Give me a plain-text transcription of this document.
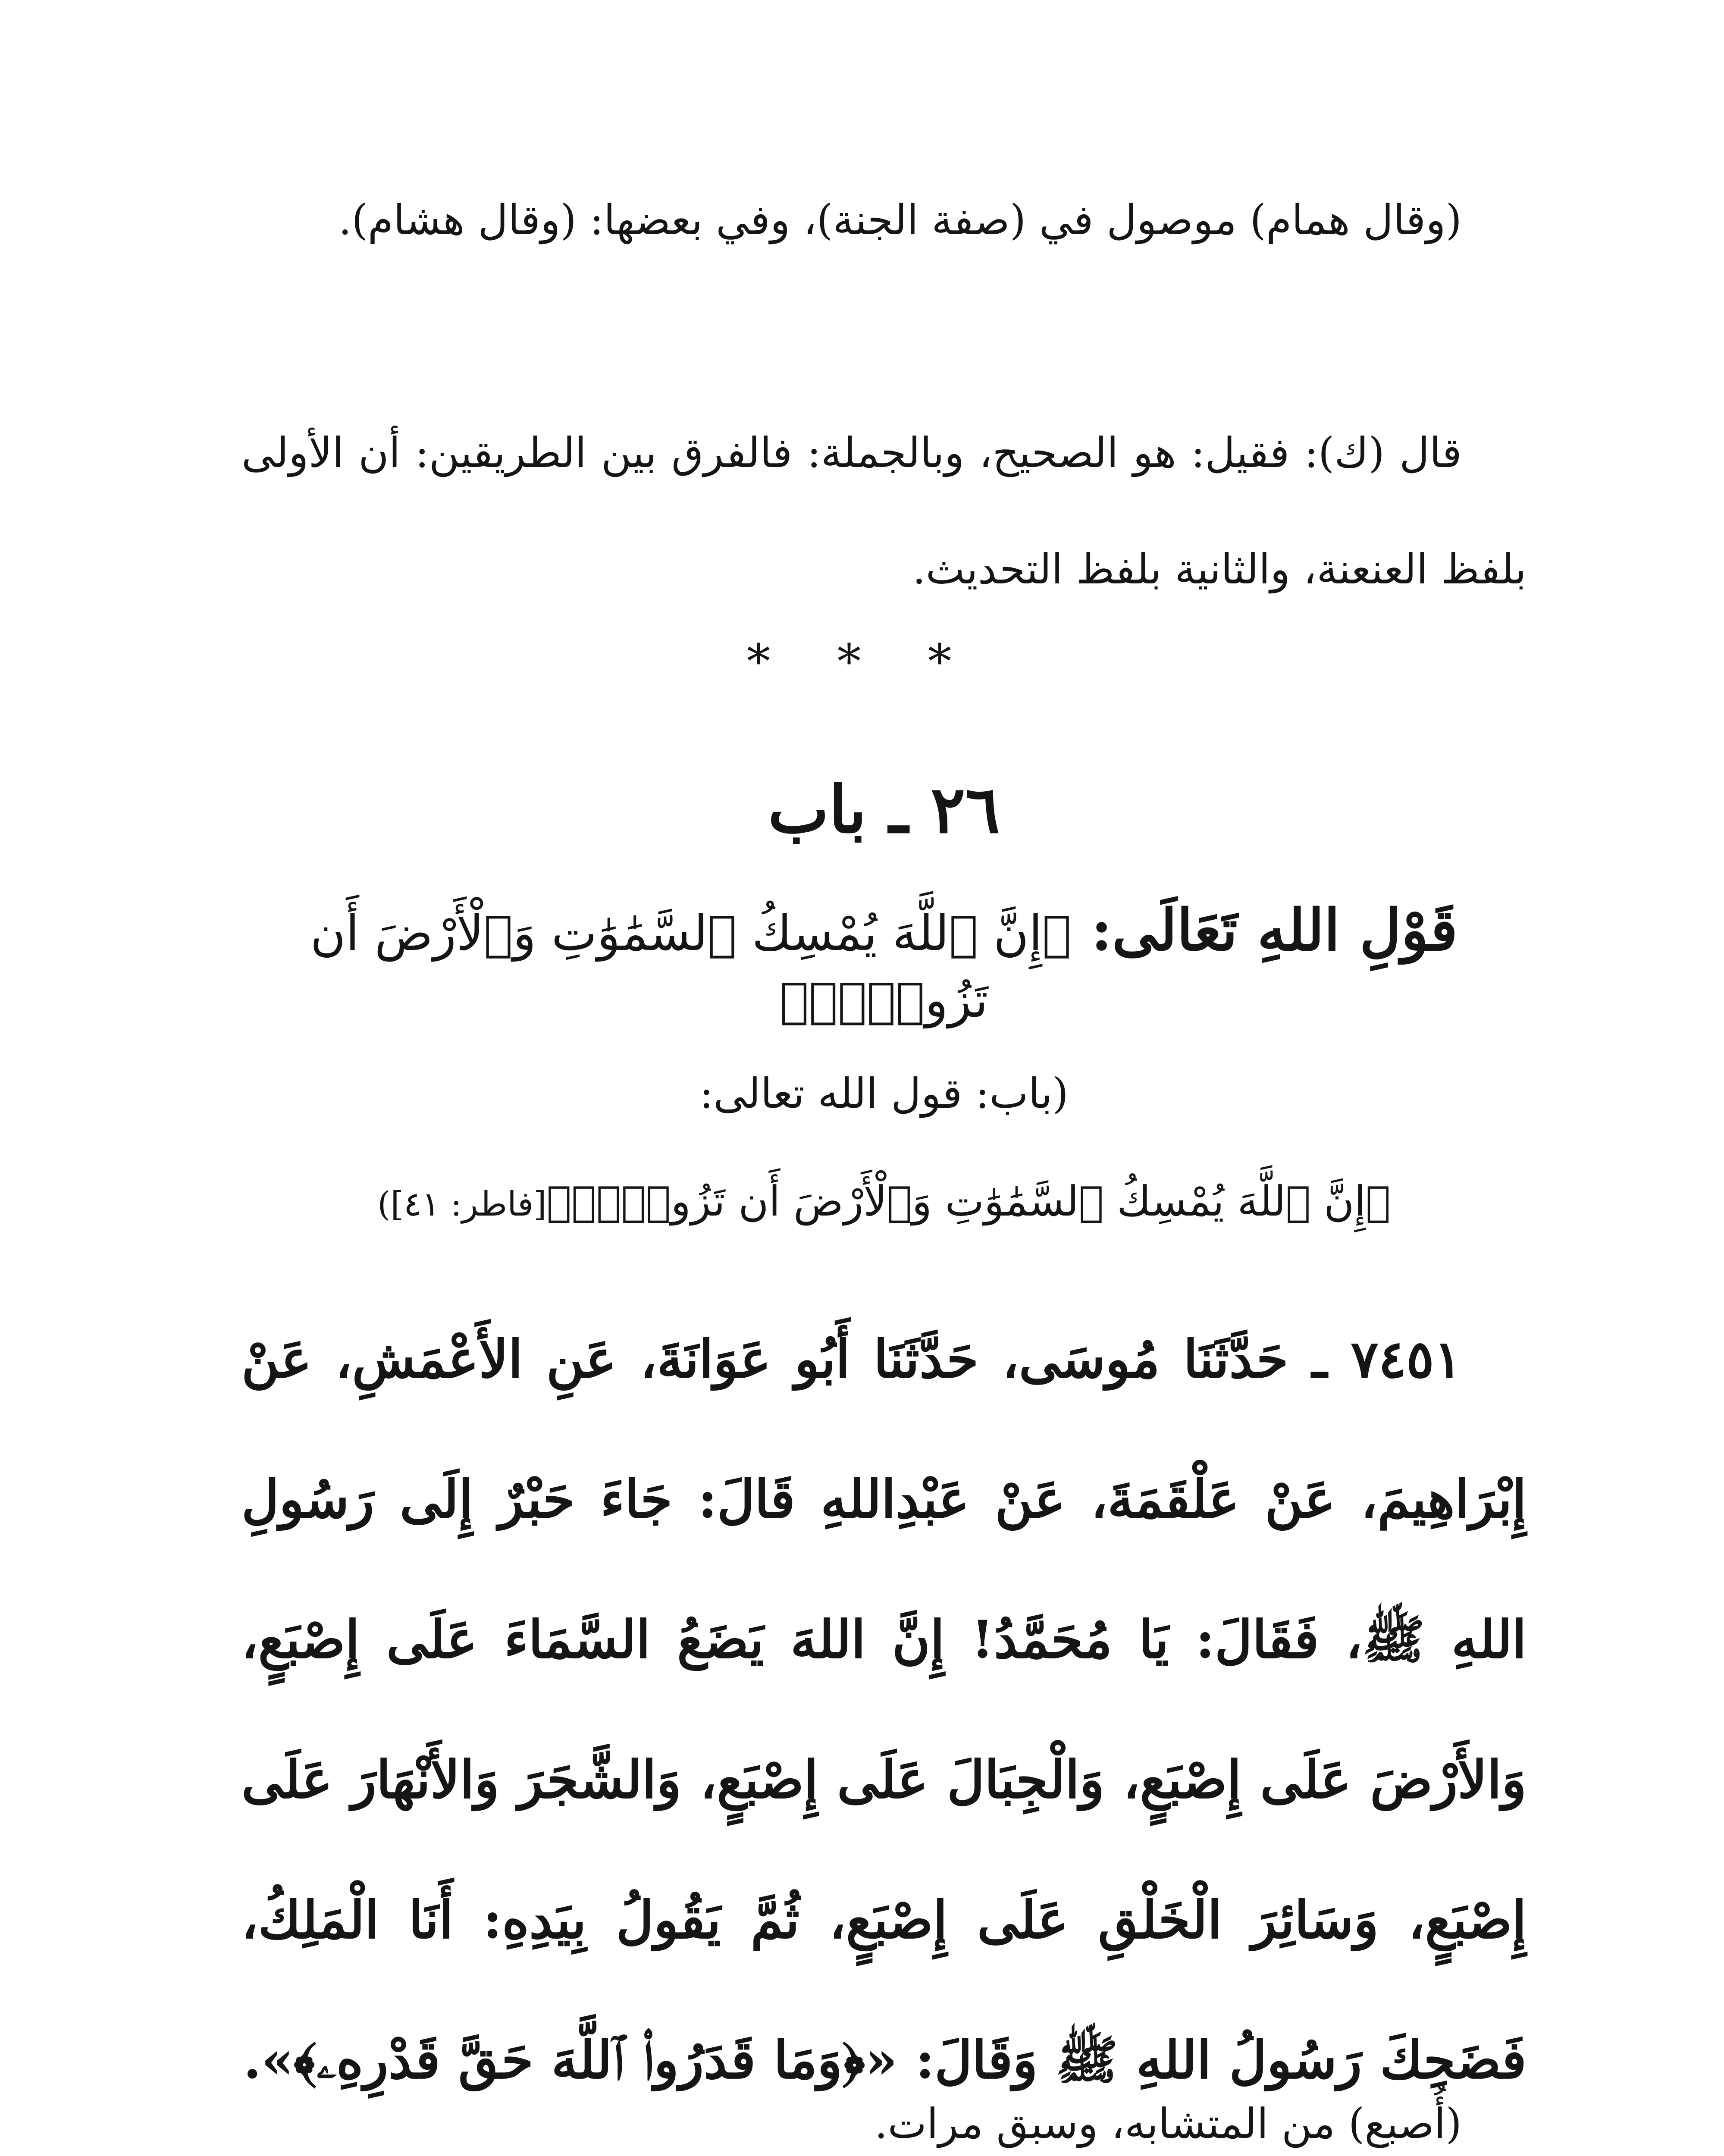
(وقال همام) موصول في (صفة الجنة)، وفي بعضها: (وقال هشام).
قال (ك): فقيل: هو الصحيح، وبالجملة: فالفرق بين الطريقين: أن الأولى بلفظ العنعنة، والثانية بلفظ التحديث.
* * *
٢٦ ـ باب
قَوْلِ اللهِ تَعَالَى: ﴿إِنَّ ٱللَّهَ يُمْسِكُ ٱلسَّمَٰوَٰتِ وَٱلْأَرْضَ أَن تَزُولَاۚ﴾
(باب: قول الله تعالى:
﴿إِنَّ ٱللَّهَ يُمْسِكُ ٱلسَّمَٰوَٰتِ وَٱلْأَرْضَ أَن تَزُولَاۚ﴾[فاطر: ٤١])
٧٤٥١ ـ حَدَّثَنَا مُوسَى، حَدَّثَنَا أَبُو عَوَانَةَ، عَنِ الأَعْمَشِ، عَنْ إِبْرَاهِيمَ، عَنْ عَلْقَمَةَ، عَنْ عَبْدِاللهِ قَالَ: جَاءَ حَبْرٌ إِلَى رَسُولِ اللهِ ﷺ، فَقَالَ: يَا مُحَمَّدُ! إِنَّ اللهَ يَضَعُ السَّمَاءَ عَلَى إِصْبَعٍ، وَالأَرْضَ عَلَى إِصْبَعٍ، وَالْجِبَالَ عَلَى إِصْبَعٍ، وَالشَّجَرَ وَالأَنْهَارَ عَلَى إِصْبَعٍ، وَسَائِرَ الْخَلْقِ عَلَى إِصْبَعٍ، ثُمَّ يَقُولُ بِيَدِهِ: أَنَا الْمَلِكُ، فَضَحِكَ رَسُولُ اللهِ ﷺ وَقَالَ: «﴿وَمَا قَدَرُوا۟ ٱللَّهَ حَقَّ قَدْرِهِۦ﴾».
(أُصبع) من المتشابه، وسبق مرات.
